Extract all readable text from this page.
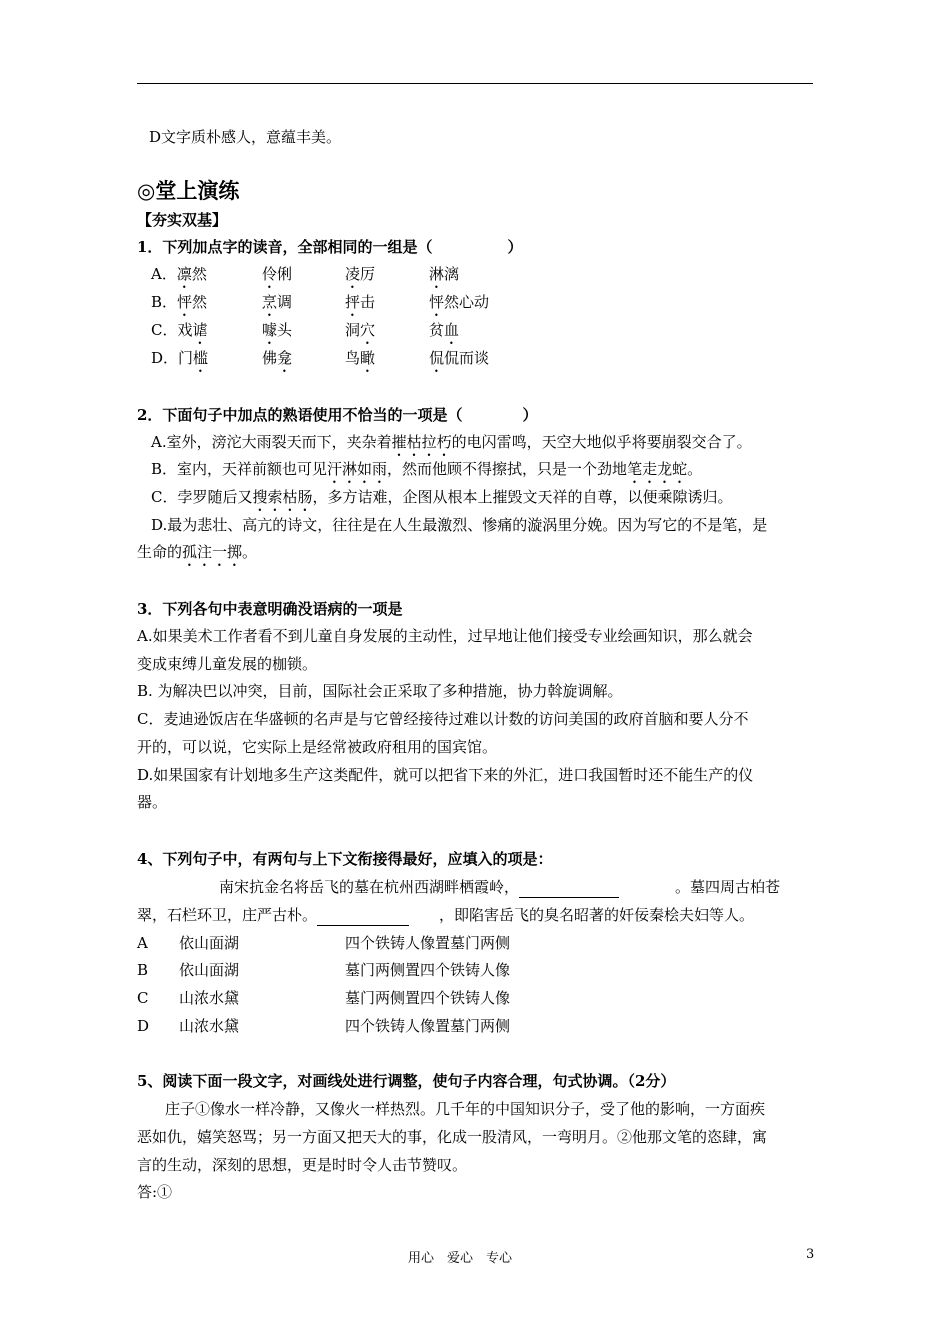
D文字质朴感人，意蕴丰美。
◎堂上演练
【夯实双基】
1．下列加点字的读音，全部相同的一组是（　　　　　）
A．凛然	伶俐	凌厉	淋漓
B．怦然	烹调	抨击	怦然心动
C．戏谑	噱头	洞穴	贫血
D．门槛	佛龛	鸟瞰	侃侃而谈
2．下面句子中加点的熟语使用不恰当的一项是（　　　　）
A.室外，滂沱大雨裂天而下，夹杂着摧枯拉朽的电闪雷鸣，天空大地似乎将要崩裂交合了。
B．室内，天祥前额也可见汗淋如雨，然而他顾不得擦拭，只是一个劲地笔走龙蛇。
C．孛罗随后又搜索枯肠，多方诘难，企图从根本上摧毁文天祥的自尊，以便乘隙诱归。
D.最为悲壮、高亢的诗文，往往是在人生最激烈、惨痛的漩涡里分娩。因为写它的不是笔，是
生命的孤注一掷。
3．下列各句中表意明确没语病的一项是
A.如果美术工作者看不到儿童自身发展的主动性，过早地让他们接受专业绘画知识，那么就会
变成束缚儿童发展的枷锁。
B. 为解决巴以冲突，目前，国际社会正采取了多种措施，协力斡旋调解。
C．麦迪逊饭店在华盛顿的名声是与它曾经接待过难以计数的访问美国的政府首脑和要人分不
开的，可以说，它实际上是经常被政府租用的国宾馆。
D.如果国家有计划地多生产这类配件，就可以把省下来的外汇，进口我国暂时还不能生产的仪
器。
4、下列句子中，有两句与上下文衔接得最好，应填入的项是：
南宋抗金名将岳飞的墓在杭州西湖畔栖霞岭，	。墓四周古柏苍
翠，石栏环卫，庄严古朴。	，即陷害岳飞的臭名昭著的奸佞秦桧夫妇等人。
A 依山面湖	四个铁铸人像置墓门两侧
B 依山面湖	墓门两侧置四个铁铸人像
C 山浓水黛	墓门两侧置四个铁铸人像
D 山浓水黛	四个铁铸人像置墓门两侧
5、阅读下面一段文字，对画线处进行调整，使句子内容合理，句式协调。（2分）
庄子①像水一样冷静，又像火一样热烈。几千年的中国知识分子，受了他的影响，一方面疾
恶如仇，嬉笑怒骂；另一方面又把天大的事，化成一股清风，一弯明月。②他那文笔的恣肆，寓
言的生动，深刻的思想，更是时时令人击节赞叹。
答:①
用心　爱心　专心	3
